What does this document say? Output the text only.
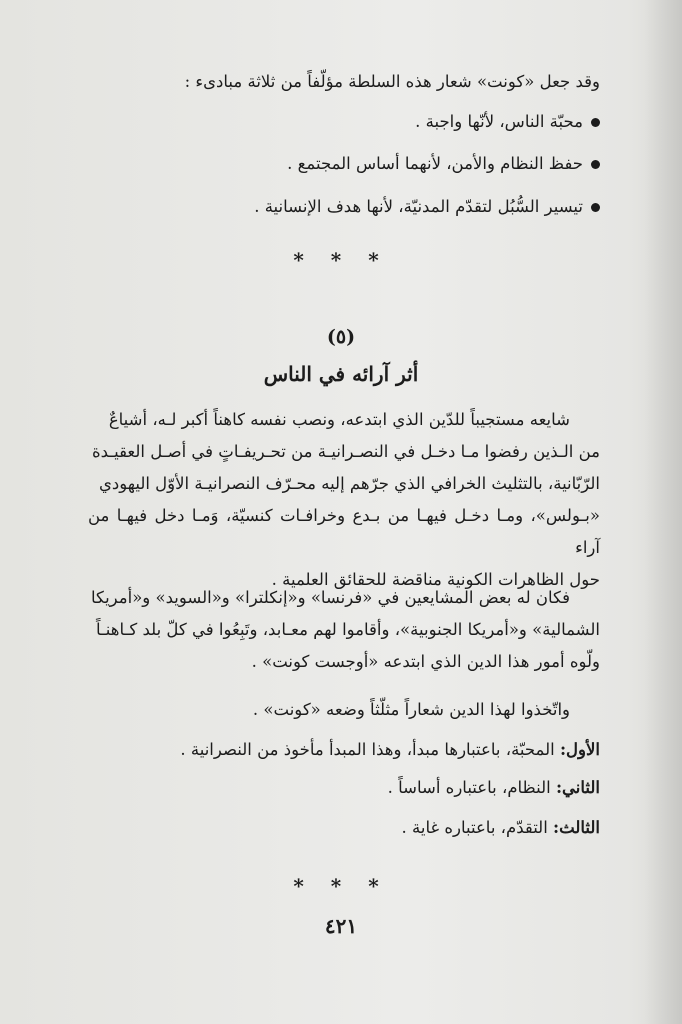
وقد جعل «كونت» شعار هذه السلطة مؤلّفاً من ثلاثة مبادىء :
محبّة الناس، لأنّها واجبة .
حفظ النظام والأمن، لأنهما أساس المجتمع .
تيسير السُّبُل لتقدّم المدنيّة، لأنها هدف الإنسانية .
* * *
(٥)
أثر آرائه في الناس
شايعه مستجيباً للدّين الذي ابتدعه، ونصب نفسه كاهناً أكبر لـه، أشياعٌ
من الـذين رفضوا مـا دخـل في النصـرانيـة من تحـريفـاتٍ في أصـل العقيـدة
الرّبّانية، بالتثليث الخرافي الذي جرّهم إليه محـرّف النصرانيـة الأوّل اليهودي
«بـولس»، ومـا دخـل فيهـا من بـدع وخرافـات كنسيّة، وَمـا دخل فيهـا من آراء
حول الظاهرات الكونية مناقضة للحقائق العلمية .
فكان له بعض المشايعين في «فرنسا» و«إنكلترا» و«السويد» و«أمريكا
الشمالية» و«أمريكا الجنوبية»، وأقاموا لهم معـابد، وتَبِعُوا في كلّ بلد كـاهنـاً
ولّوه أمور هذا الدين الذي ابتدعه «أوجست كونت» .
واتّخذوا لهذا الدين شعاراً مثلّثاً وضعه «كونت» .
الأول: المحبّة، باعتبارها مبدأ، وهذا المبدأ مأخوذ من النصرانية .
الثاني: النظام، باعتباره أساساً .
الثالث: التقدّم، باعتباره غاية .
* * *
٤٢١
